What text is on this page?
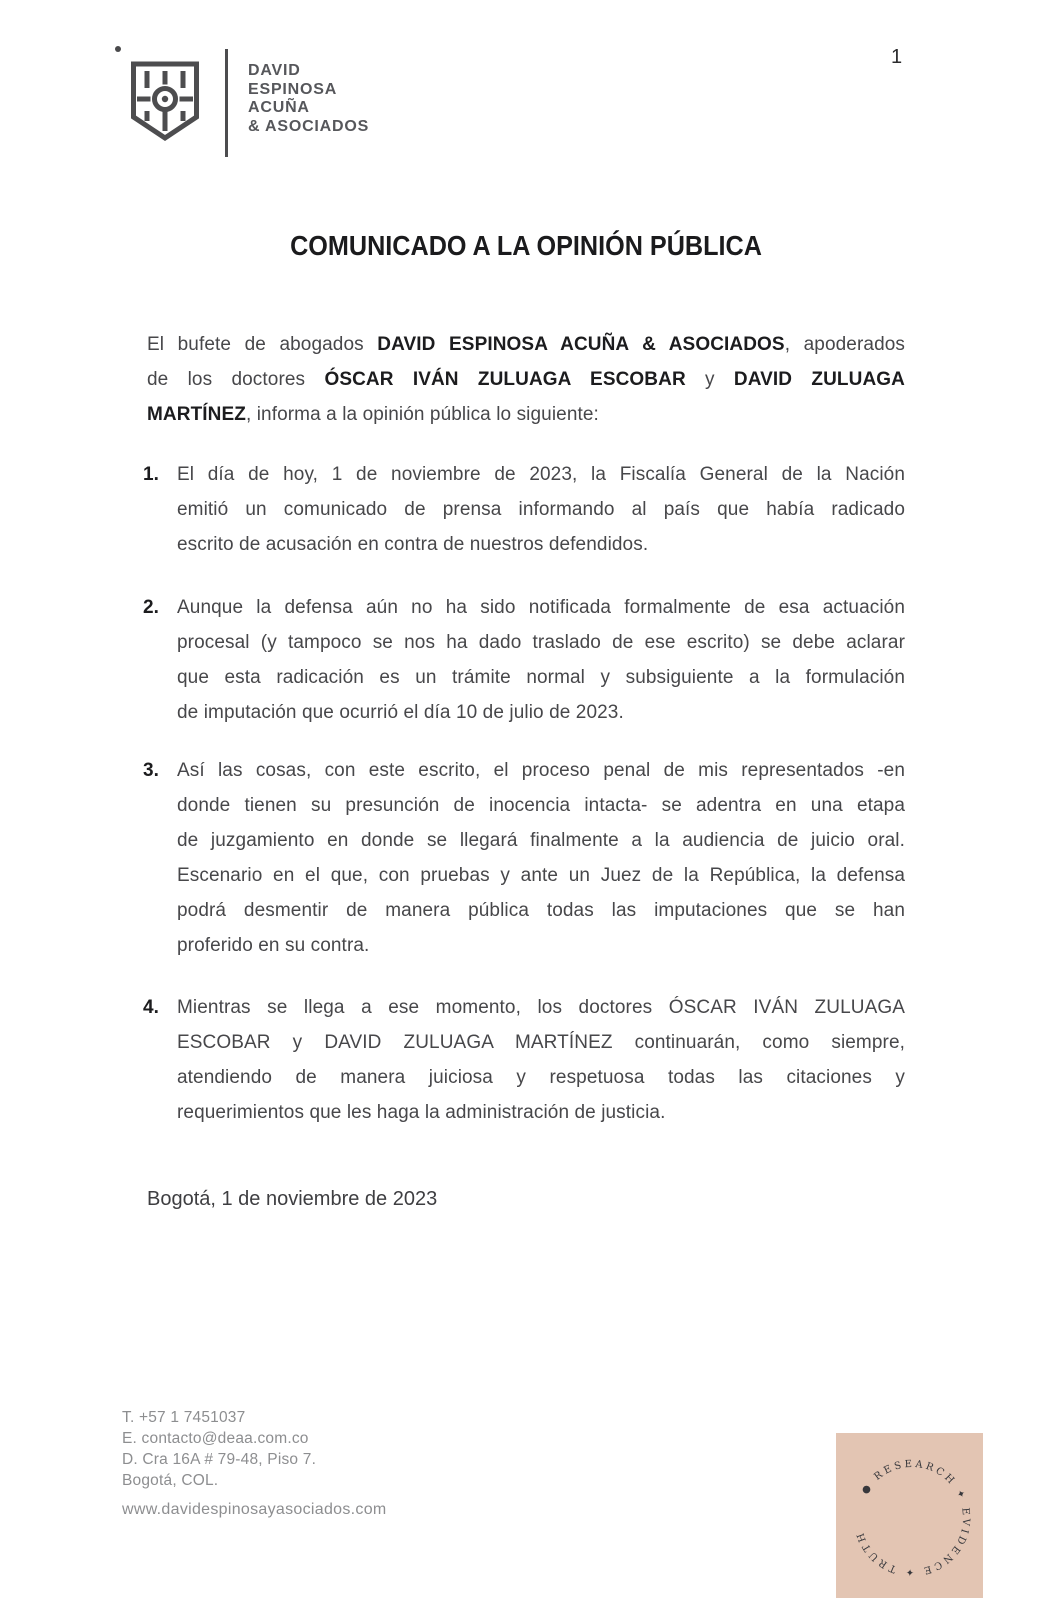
DAVID
ESPINOSA
ACUÑA
& ASOCIADOS
1
COMUNICADO A LA OPINIÓN PÚBLICA
El bufete de abogados DAVID ESPINOSA ACUÑA & ASOCIADOS, apoderados
de los doctores ÓSCAR IVÁN ZULUAGA ESCOBAR y DAVID ZULUAGA
MARTÍNEZ, informa a la opinión pública lo siguiente:
1. El día de hoy, 1 de noviembre de 2023, la Fiscalía General de la Nación
emitió un comunicado de prensa informando al país que había radicado
escrito de acusación en contra de nuestros defendidos.
2. Aunque la defensa aún no ha sido notificada formalmente de esa actuación
procesal (y tampoco se nos ha dado traslado de ese escrito) se debe aclarar
que esta radicación es un trámite normal y subsiguiente a la formulación
de imputación que ocurrió el día 10 de julio de 2023.
3. Así las cosas, con este escrito, el proceso penal de mis representados -en
donde tienen su presunción de inocencia intacta- se adentra en una etapa
de juzgamiento en donde se llegará finalmente a la audiencia de juicio oral.
Escenario en el que, con pruebas y ante un Juez de la República, la defensa
podrá desmentir de manera pública todas las imputaciones que se han
proferido en su contra.
4. Mientras se llega a ese momento, los doctores ÓSCAR IVÁN ZULUAGA
ESCOBAR y DAVID ZULUAGA MARTÍNEZ continuarán, como siempre,
atendiendo de manera juiciosa y respetuosa todas las citaciones y
requerimientos que les haga la administración de justicia.
Bogotá, 1 de noviembre de 2023
T. +57 1 7451037
E. contacto@deaa.com.co
D. Cra 16A # 79-48, Piso 7.
Bogotá, COL.
www.davidespinosayasociados.com
● RESEARCH ✦ EVIDENCE ✦ TRUTH
